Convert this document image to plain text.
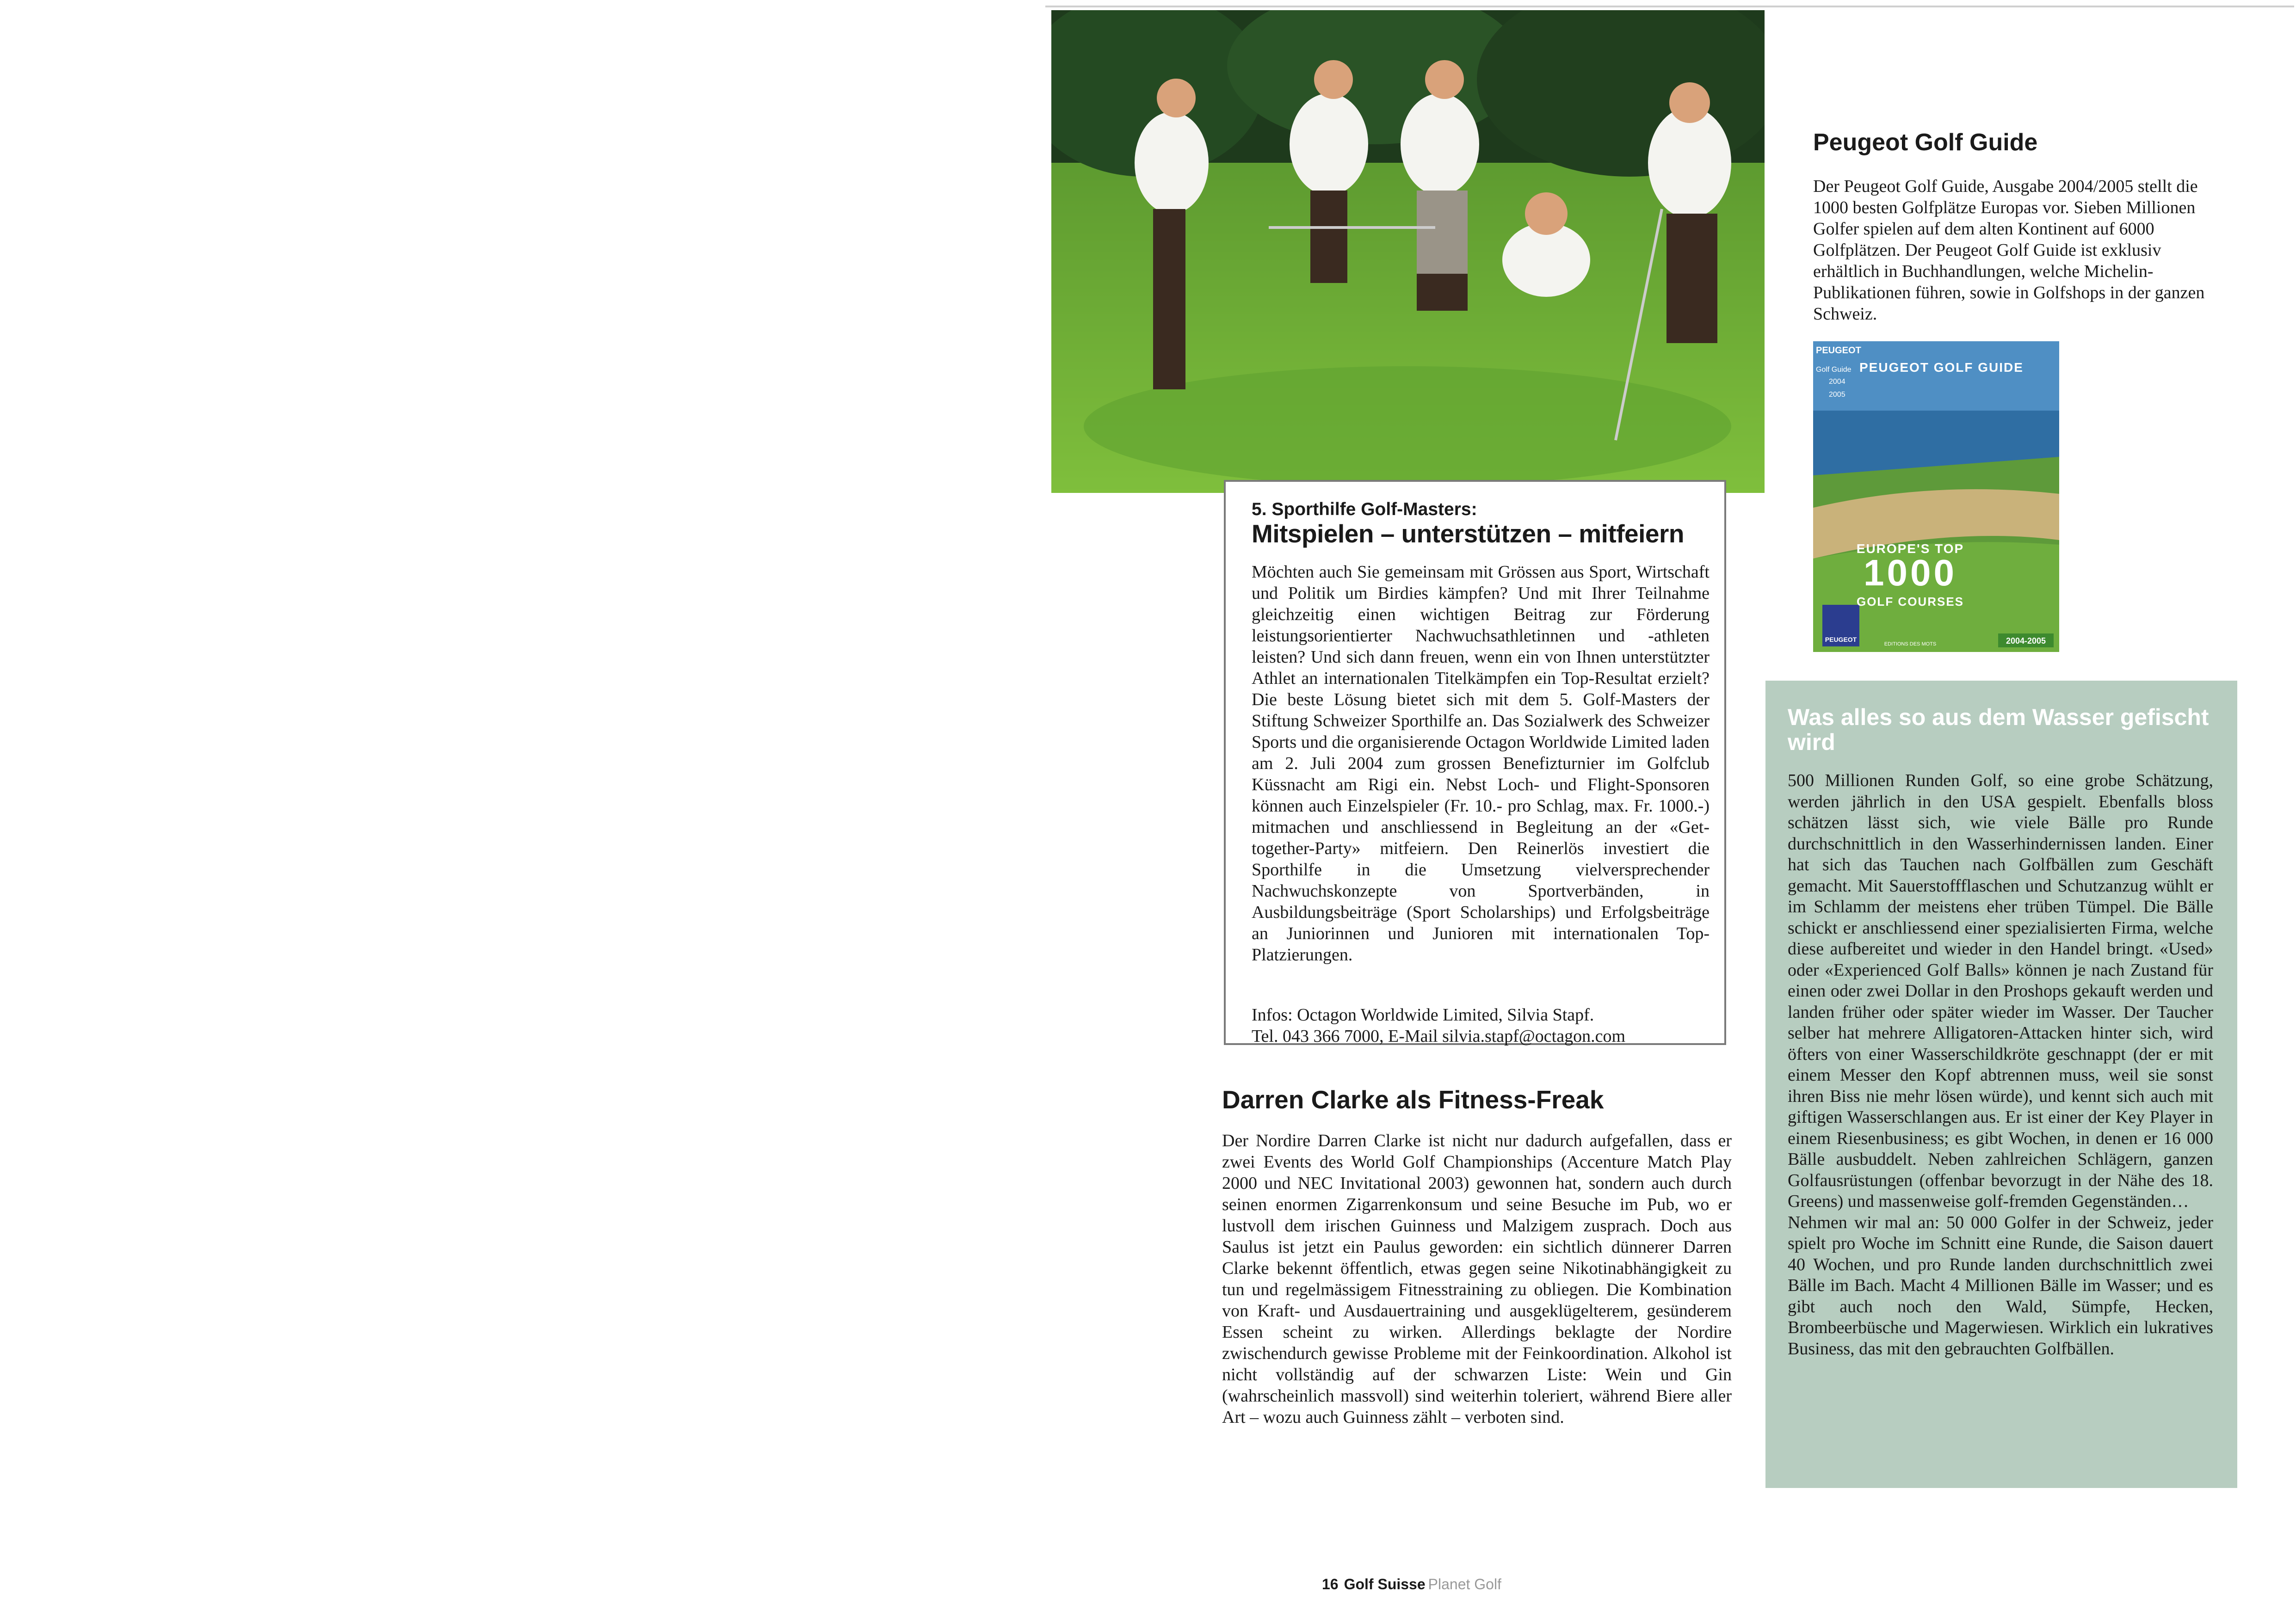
5. Sporthilfe Golf-Masters:
Mitspielen – unterstützen – mitfeiern
Möchten auch Sie gemeinsam mit Grössen aus Sport, Wirtschaft und Politik um Birdies kämpfen? Und mit Ihrer Teilnahme gleichzeitig einen wichtigen Beitrag zur Förderung leistungsorientierter Nachwuchsathletinnen und -athleten leisten? Und sich dann freuen, wenn ein von Ihnen unterstützter Athlet an internationalen Titelkämpfen ein Top-Resultat erzielt? Die beste Lösung bietet sich mit dem 5. Golf-Masters der Stiftung Schweizer Sporthilfe an. Das Sozialwerk des Schweizer Sports und die organisierende Octagon Worldwide Limited laden am 2. Juli 2004 zum grossen Benefizturnier im Golfclub Küssnacht am Rigi ein. Nebst Loch- und Flight-Sponsoren können auch Einzelspieler (Fr. 10.- pro Schlag, max. Fr. 1000.-) mitmachen und anschliessend in Begleitung an der «Get-together-Party» mitfeiern. Den Reinerlös investiert die Sporthilfe in die Umsetzung vielversprechender Nachwuchskonzepte von Sportverbänden, in Ausbildungsbeiträge (Sport Scholarships) und Erfolgsbeiträge an Juniorinnen und Junioren mit internationalen Top-Platzierungen.
Infos: Octagon Worldwide Limited, Silvia Stapf.
Tel. 043 366 7000, E-Mail silvia.stapf@octagon.com
Darren Clarke als Fitness-Freak
Der Nordire Darren Clarke ist nicht nur dadurch aufgefallen, dass er zwei Events des World Golf Championships (Accenture Match Play 2000 und NEC Invitational 2003) gewonnen hat, sondern auch durch seinen enormen Zigarrenkonsum und seine Besuche im Pub, wo er lustvoll dem irischen Guinness und Malzigem zusprach. Doch aus Saulus ist jetzt ein Paulus geworden: ein sichtlich dünnerer Darren Clarke bekennt öffentlich, etwas gegen seine Nikotinabhängigkeit zu tun und regelmässigem Fitnesstraining zu obliegen. Die Kombination von Kraft- und Ausdauertraining und ausgeklügelterem, gesünderem Essen scheint zu wirken. Allerdings beklagte der Nordire zwischendurch gewisse Probleme mit der Feinkoordination. Alkohol ist nicht vollständig auf der schwarzen Liste: Wein und Gin (wahrscheinlich massvoll) sind weiterhin toleriert, während Biere aller Art – wozu auch Guinness zählt – verboten sind.
Peugeot Golf Guide
Der Peugeot Golf Guide, Ausgabe 2004/2005 stellt die 1000 besten Golfplätze Europas vor. Sieben Millionen Golfer spielen auf dem alten Kontinent auf 6000 Golfplätzen. Der Peugeot Golf Guide ist exklusiv erhältlich in Buchhandlungen, welche Michelin-Publikationen führen, sowie in Golfshops in der ganzen Schweiz.
PEUGEOT
Golf Guide
2004
2005
PEUGEOT GOLF GUIDE
EUROPE'S TOP
1000
GOLF COURSES
PEUGEOT
EDITIONS DES MOTS	2004-2005
Was alles so aus dem Wasser gefischt wird
500 Millionen Runden Golf, so eine grobe Schätzung, werden jährlich in den USA gespielt. Ebenfalls bloss schätzen lässt sich, wie viele Bälle pro Runde durchschnittlich in den Wasserhindernissen landen. Einer hat sich das Tauchen nach Golfbällen zum Geschäft gemacht. Mit Sauerstoffflaschen und Schutzanzug wühlt er im Schlamm der meistens eher trüben Tümpel. Die Bälle schickt er anschliessend einer spezialisierten Firma, welche diese aufbereitet und wieder in den Handel bringt. «Used» oder «Experienced Golf Balls» können je nach Zustand für einen oder zwei Dollar in den Proshops gekauft werden und landen früher oder später wieder im Wasser. Der Taucher selber hat mehrere Alligatoren-Attacken hinter sich, wird öfters von einer Wasserschildkröte geschnappt (der er mit einem Messer den Kopf abtrennen muss, weil sie sonst ihren Biss nie mehr lösen würde), und kennt sich auch mit giftigen Wasserschlangen aus. Er ist einer der Key Player in einem Riesenbusiness; es gibt Wochen, in denen er 16 000 Bälle ausbuddelt. Neben zahlreichen Schlägern, ganzen Golfausrüstungen (offenbar bevorzugt in der Nähe des 18. Greens) und massenweise golf-fremden Gegenständen…
Nehmen wir mal an: 50 000 Golfer in der Schweiz, jeder spielt pro Woche im Schnitt eine Runde, die Saison dauert 40 Wochen, und pro Runde landen durchschnittlich zwei Bälle im Bach. Macht 4 Millionen Bälle im Wasser; und es gibt auch noch den Wald, Sümpfe, Hecken, Brombeerbüsche und Magerwiesen. Wirklich ein lukratives Business, das mit den gebrauchten Golfbällen.
16 Golf Suisse Planet Golf
